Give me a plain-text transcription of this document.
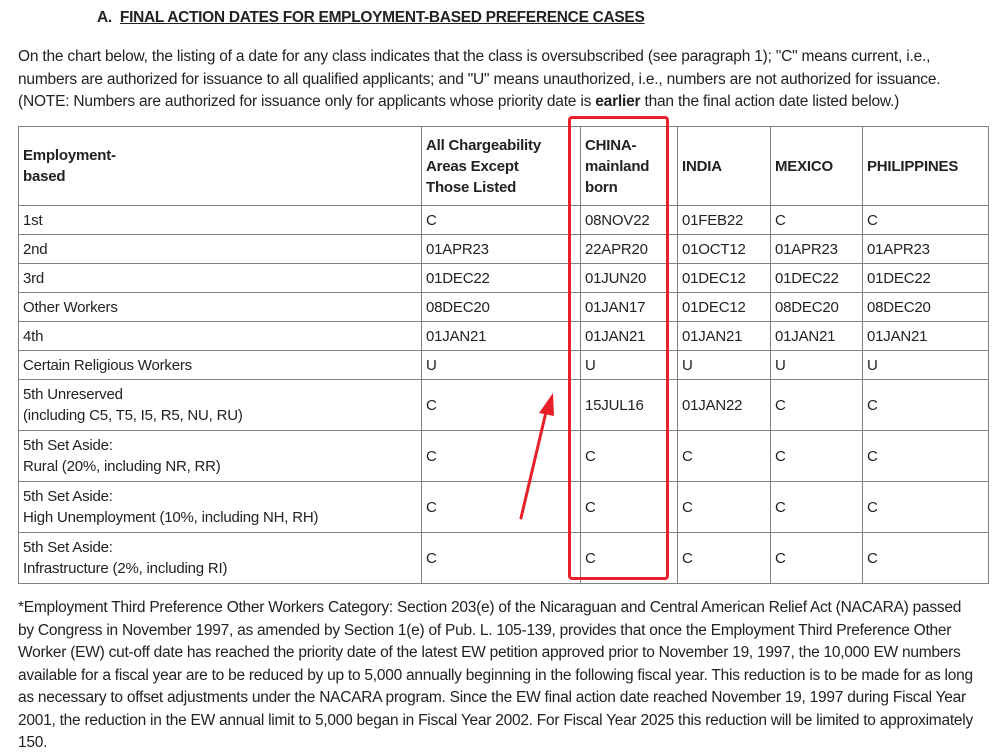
A. FINAL ACTION DATES FOR EMPLOYMENT-BASED PREFERENCE CASES

On the chart below, the listing of a date for any class indicates that the class is oversubscribed (see paragraph 1); "C" means current, i.e., numbers are authorized for issuance to all qualified applicants; and "U" means unauthorized, i.e., numbers are not authorized for issuance. (NOTE: Numbers are authorized for issuance only for applicants whose priority date is earlier than the final action date listed below.)

Employment-
based	All Chargeability
Areas Except
Those Listed	CHINA-
mainland
born	INDIA	MEXICO	PHILIPPINES
1st	C	08NOV22	01FEB22	C	C
2nd	01APR23	22APR20	01OCT12	01APR23	01APR23
3rd	01DEC22	01JUN20	01DEC12	01DEC22	01DEC22
Other Workers	08DEC20	01JAN17	01DEC12	08DEC20	08DEC20
4th	01JAN21	01JAN21	01JAN21	01JAN21	01JAN21
Certain Religious Workers	U	U	U	U	U
5th Unreserved
(including C5, T5, I5, R5, NU, RU)	C	15JUL16	01JAN22	C	C
5th Set Aside:
Rural (20%, including NR, RR)	C	C	C	C	C
5th Set Aside:
High Unemployment (10%, including NH, RH)	C	C	C	C	C
5th Set Aside:
Infrastructure (2%, including RI)	C	C	C	C	C

*Employment Third Preference Other Workers Category: Section 203(e) of the Nicaraguan and Central American Relief Act (NACARA) passed by Congress in November 1997, as amended by Section 1(e) of Pub. L. 105-139, provides that once the Employment Third Preference Other Worker (EW) cut-off date has reached the priority date of the latest EW petition approved prior to November 19, 1997, the 10,000 EW numbers available for a fiscal year are to be reduced by up to 5,000 annually beginning in the following fiscal year. This reduction is to be made for as long as necessary to offset adjustments under the NACARA program. Since the EW final action date reached November 19, 1997 during Fiscal Year 2001, the reduction in the EW annual limit to 5,000 began in Fiscal Year 2002. For Fiscal Year 2025 this reduction will be limited to approximately 150.
